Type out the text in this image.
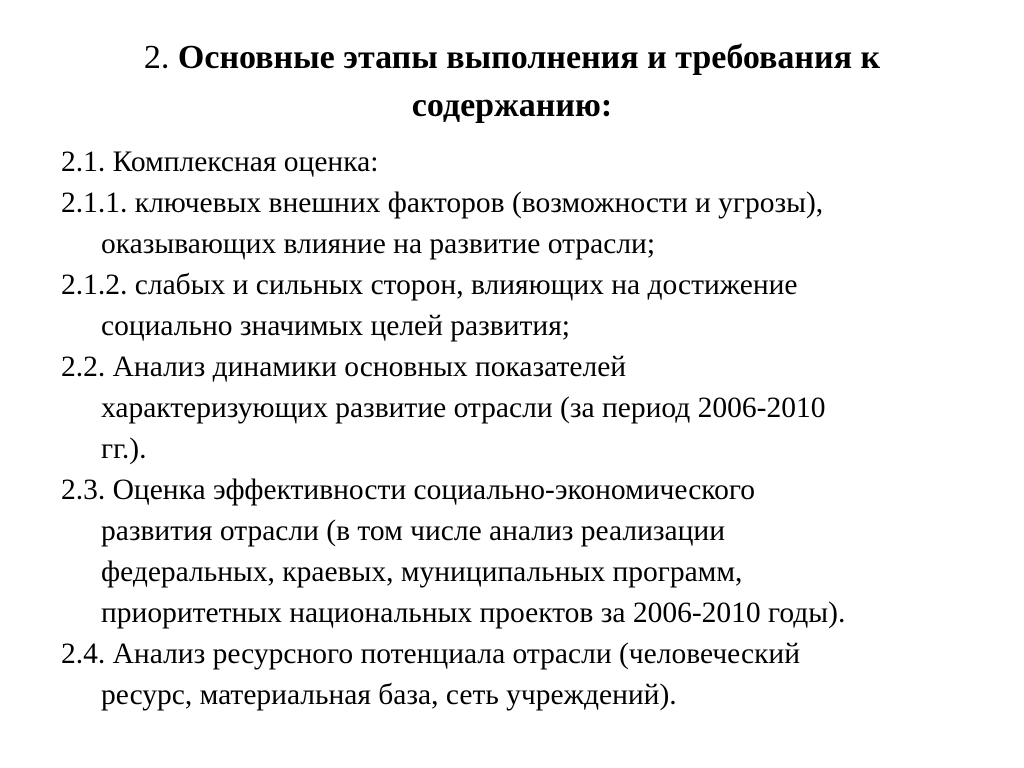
2. Основные этапы выполнения и требования к
содержанию:

2.1. Комплексная оценка:

2.1.1. ключевых внешних факторов (возможности и угрозы),
оказывающих влияние на развитие отрасли;

2.1.2. слабых и сильных сторон, влияющих на достижение
социально значимых целей развития;

2.2. Анализ динамики основных показателей
характеризующих развитие отрасли (за период 2006-2010
гг.).

2.3. Оценка эффективности социально-экономического
развития отрасли (в том числе анализ реализации
федеральных, краевых, муниципальных программ,
приоритетных национальных проектов за 2006-2010 годы).

2.4. Анализ ресурсного потенциала отрасли (человеческий
ресурс, материальная база, сеть учреждений).
